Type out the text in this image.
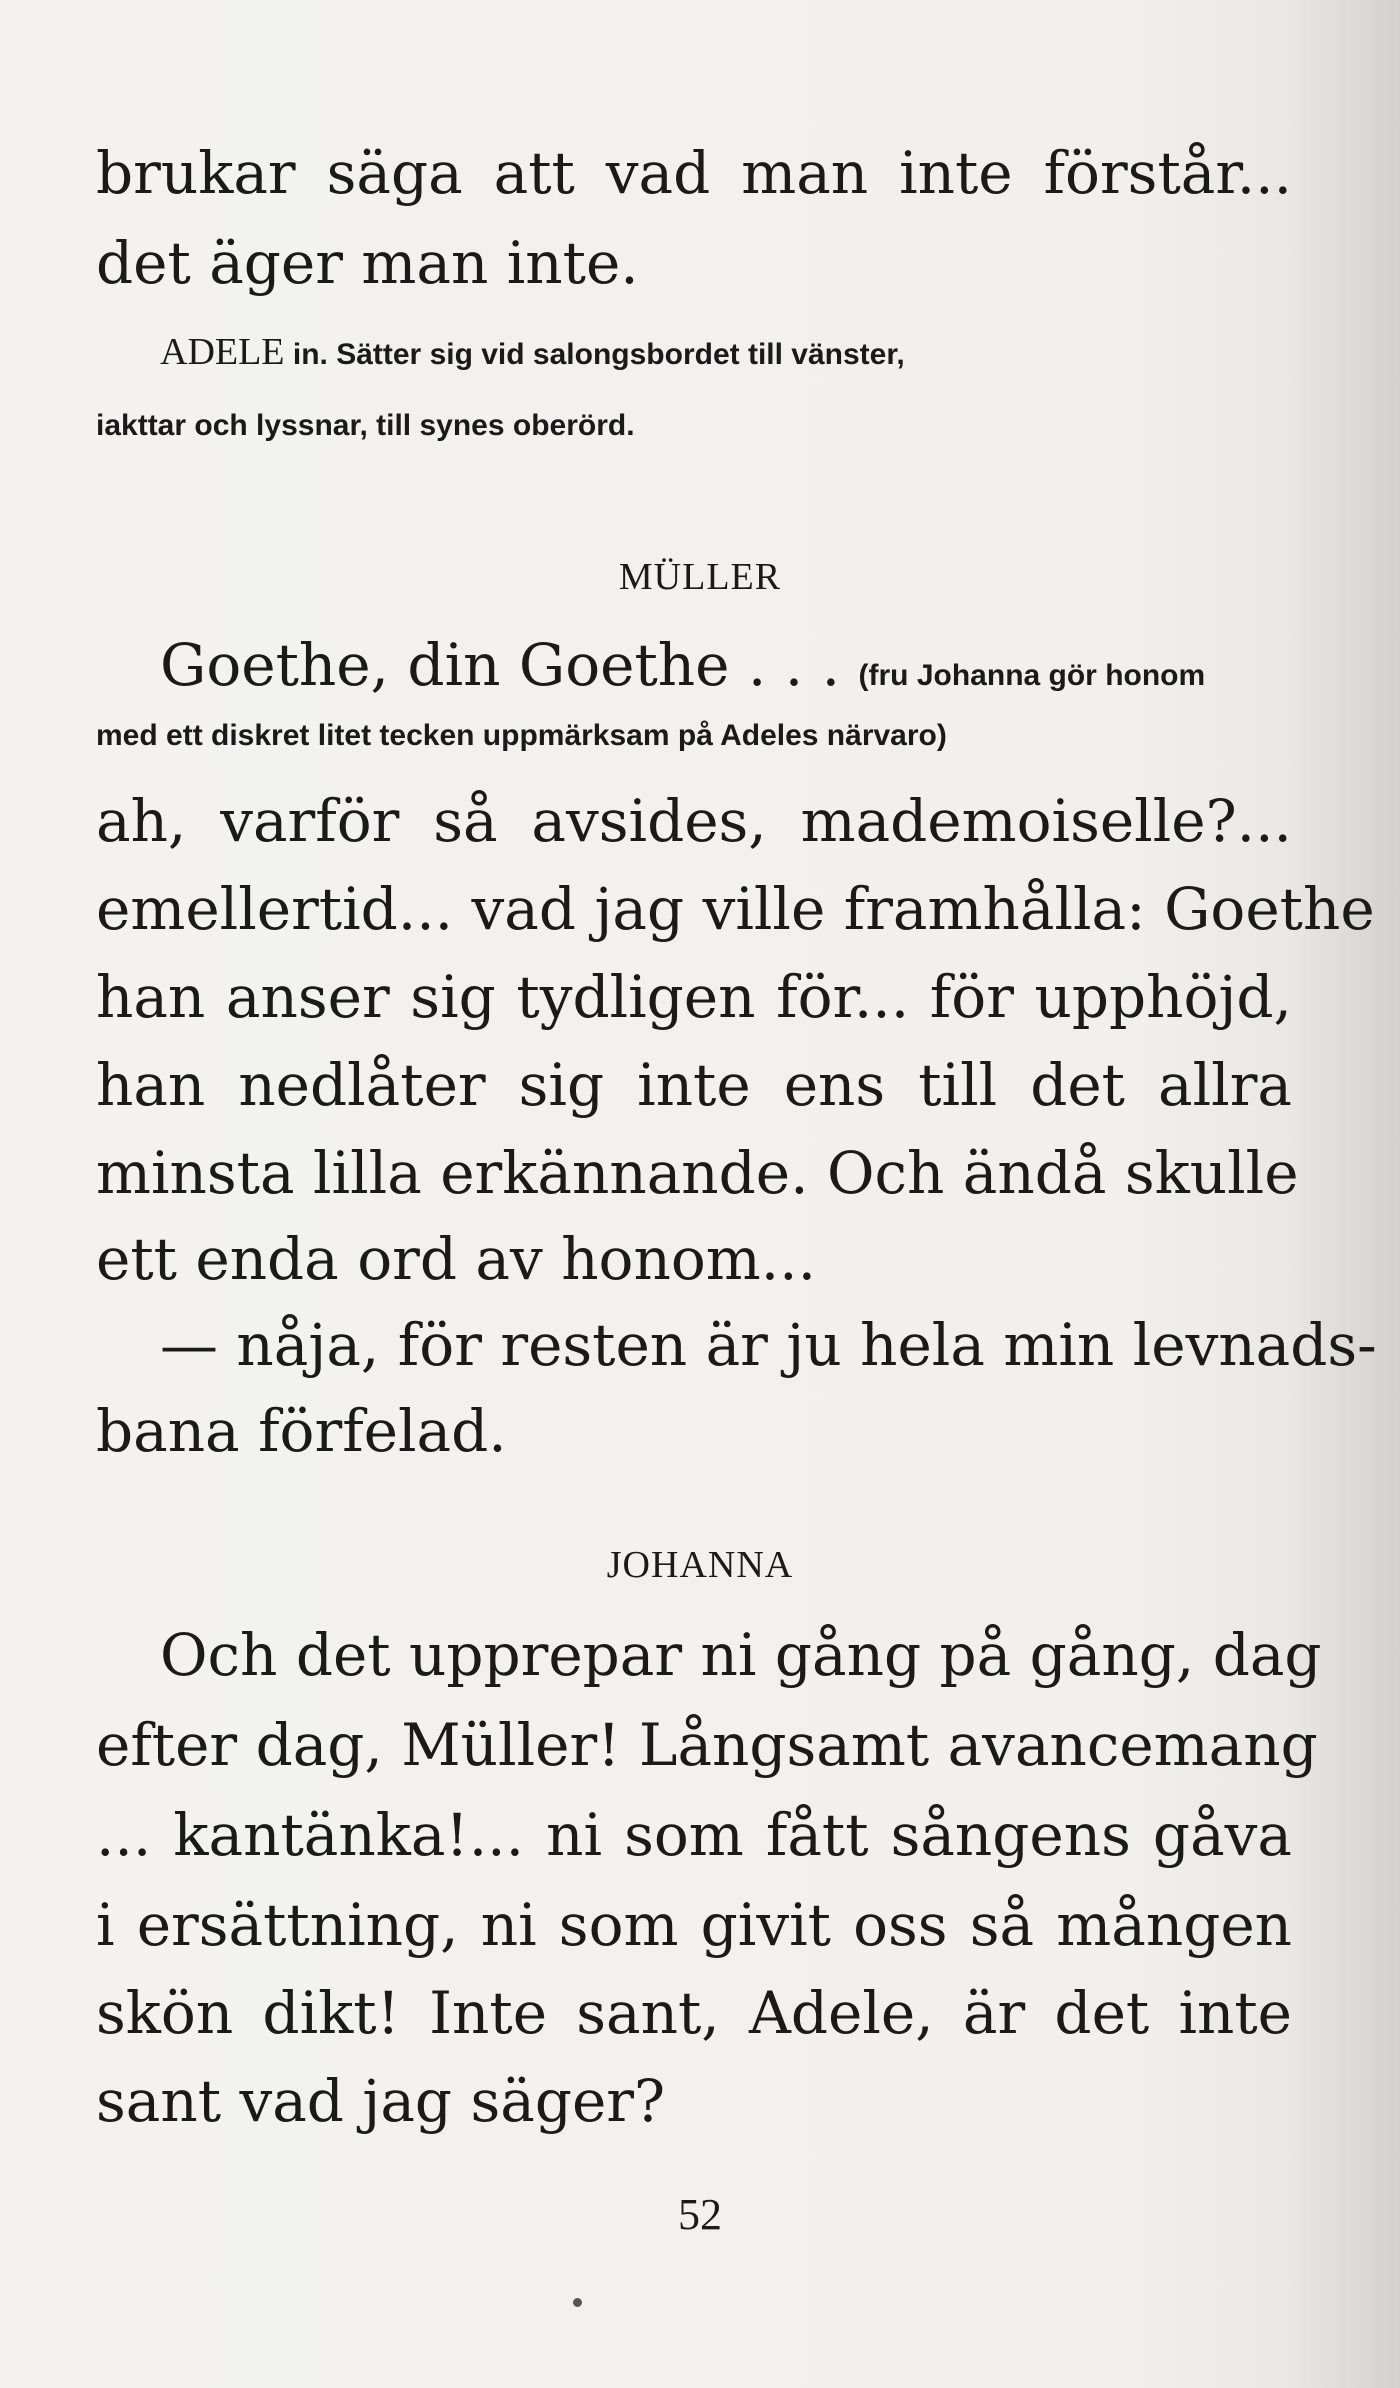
brukar säga att vad man inte förstår...
det äger man inte.
ADELE in. Sätter sig vid salongsbordet till vänster,
iakttar och lyssnar, till synes oberörd.
MÜLLER
Goethe, din Goethe . . . (fru Johanna gör honom
med ett diskret litet tecken uppmärksam på Adeles närvaro)
ah, varför så avsides, mademoiselle?...
emellertid... vad jag ville framhålla: Goethe
han anser sig tydligen för... för upphöjd,
han nedlåter sig inte ens till det allra
minsta lilla erkännande. Och ändå skulle
ett enda ord av honom...
— nåja, för resten är ju hela min levnads-
bana förfelad.
JOHANNA
Och det upprepar ni gång på gång, dag
efter dag, Müller! Långsamt avancemang
... kantänka!... ni som fått sångens gåva
i ersättning, ni som givit oss så mången
skön dikt! Inte sant, Adele, är det inte
sant vad jag säger?
52
